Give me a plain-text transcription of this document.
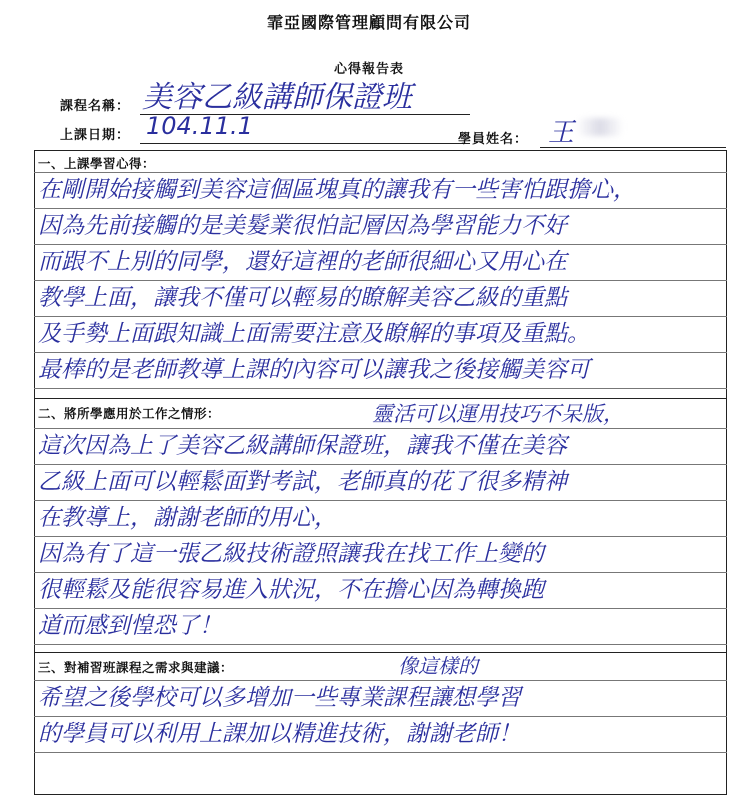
霏亞國際管理顧問有限公司
心得報告表
課程名稱： 美容乙級講師保證班
上課日期： 104.11.1	學員姓名： 王
一、上課學習心得：
在剛開始接觸到美容這個區塊真的讓我有一些害怕跟擔心，
因為先前接觸的是美髮業很怕記層因為學習能力不好
而跟不上別的同學，還好這裡的老師很細心又用心在
教學上面，讓我不僅可以輕易的瞭解美容乙級的重點
及手勢上面跟知識上面需要注意及瞭解的事項及重點。
最棒的是老師教導上課的內容可以讓我之後接觸美容可
二、將所學應用於工作之情形：	靈活可以運用技巧不呆版，
這次因為上了美容乙級講師保證班，讓我不僅在美容
乙級上面可以輕鬆面對考試，老師真的花了很多精神
在教導上，謝謝老師的用心，
因為有了這一張乙級技術證照讓我在找工作上變的
很輕鬆及能很容易進入狀況，不在擔心因為轉換跑
道而感到惶恐了！
三、對補習班課程之需求與建議：	像這樣的
希望之後學校可以多增加一些專業課程讓想學習
的學員可以利用上課加以精進技術，謝謝老師！
